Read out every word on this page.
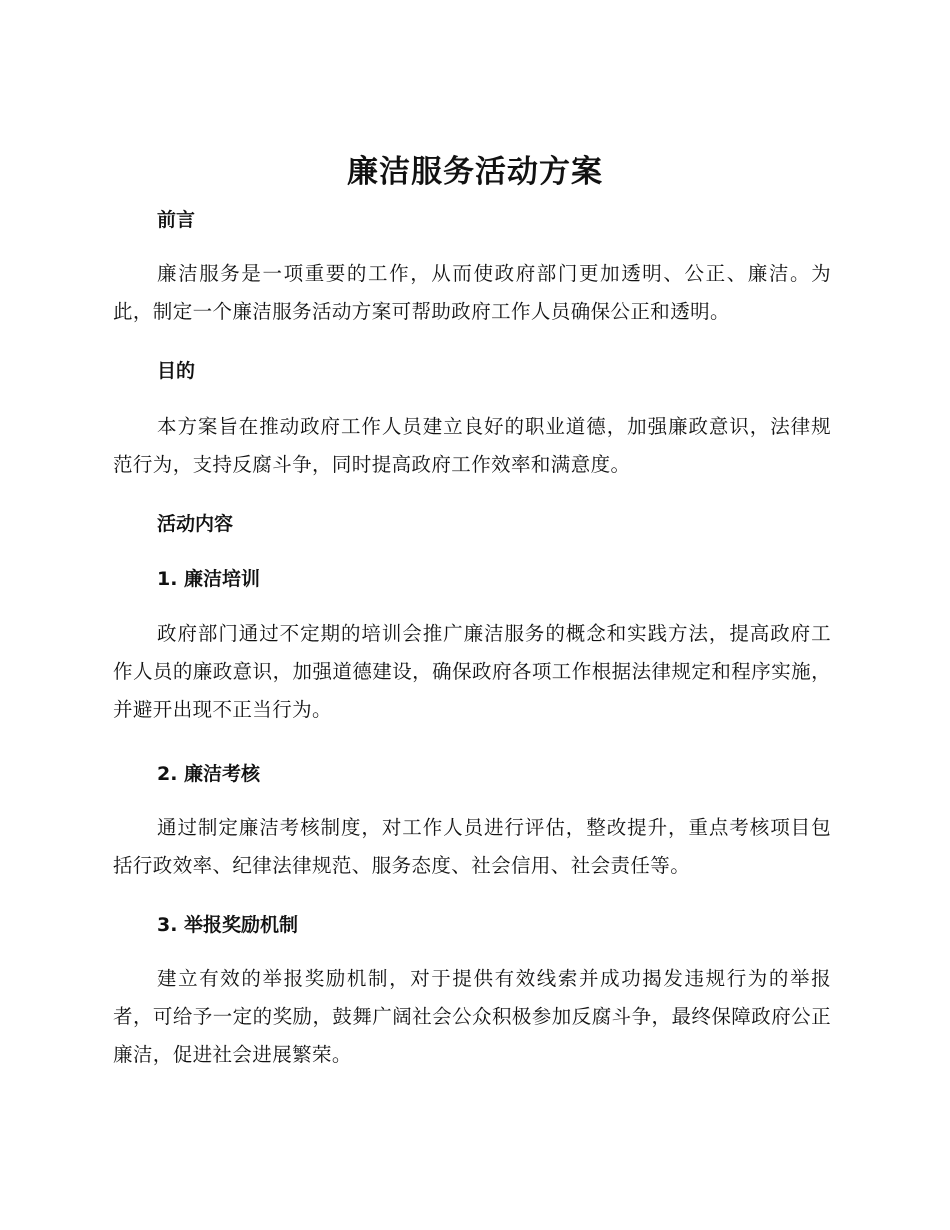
廉洁服务活动方案
前言

廉洁服务是一项重要的工作，从而使政府部门更加透明、公正、廉洁。为此，制定一个廉洁服务活动方案可帮助政府工作人员确保公正和透明。

目的

本方案旨在推动政府工作人员建立良好的职业道德，加强廉政意识，法律规范行为，支持反腐斗争，同时提高政府工作效率和满意度。

活动内容
1. 廉洁培训

政府部门通过不定期的培训会推广廉洁服务的概念和实践方法，提高政府工作人员的廉政意识，加强道德建设，确保政府各项工作根据法律规定和程序实施，并避开出现不正当行为。

2. 廉洁考核

通过制定廉洁考核制度，对工作人员进行评估，整改提升，重点考核项目包括行政效率、纪律法律规范、服务态度、社会信用、社会责任等。

3. 举报奖励机制

建立有效的举报奖励机制，对于提供有效线索并成功揭发违规行为的举报者，可给予一定的奖励，鼓舞广阔社会公众积极参加反腐斗争，最终保障政府公正廉洁，促进社会进展繁荣。
